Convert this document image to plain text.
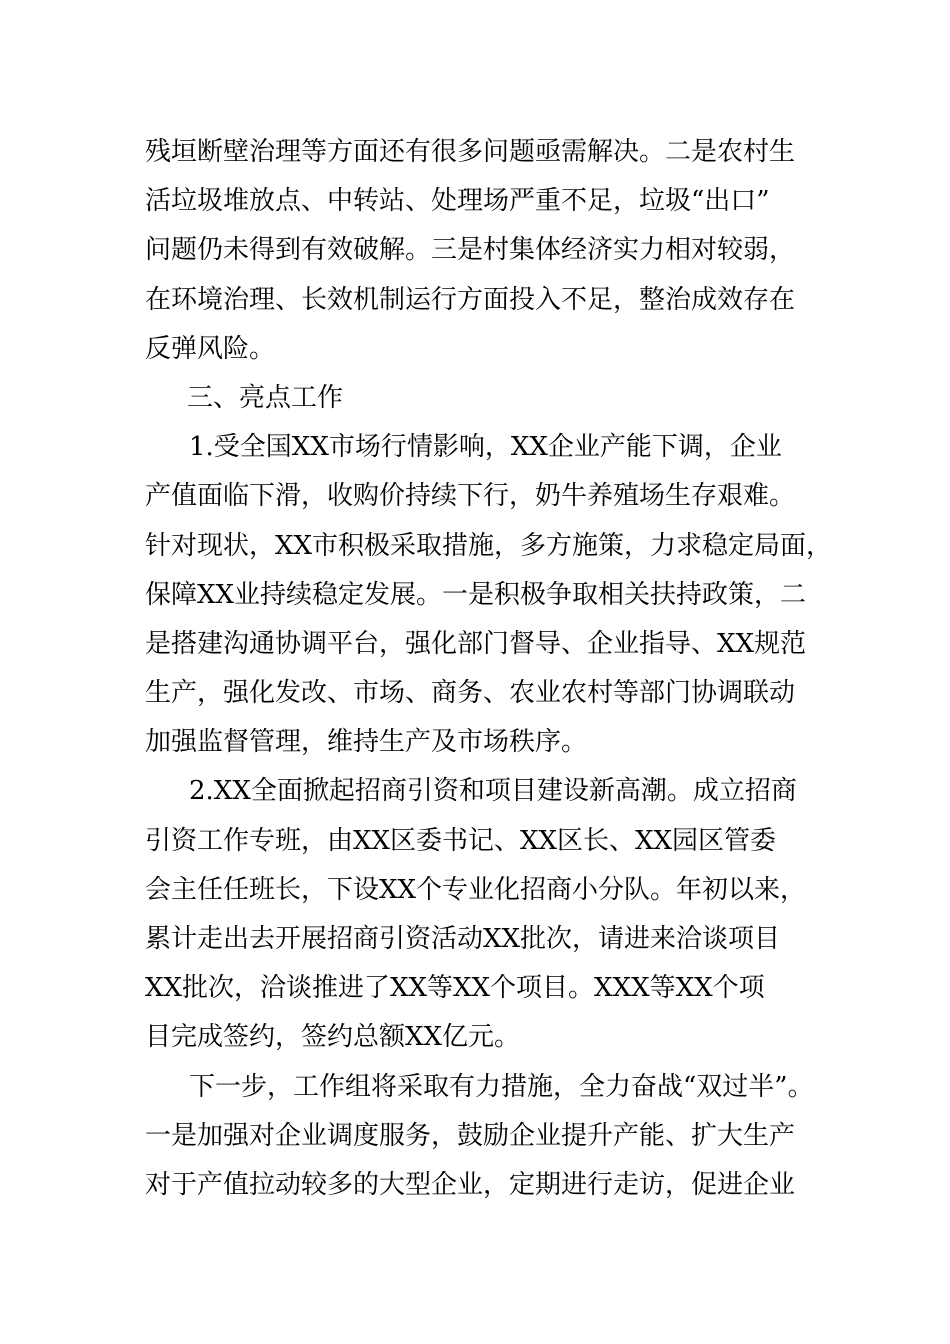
残垣断壁治理等方面还有很多问题亟需解决。二是农村生
活垃圾堆放点、中转站、处理场严重不足，垃圾“出口”
问题仍未得到有效破解。三是村集体经济实力相对较弱，
在环境治理、长效机制运行方面投入不足，整治成效存在
反弹风险。
三、亮点工作
1.受全国XX市场行情影响，XX企业产能下调，企业
产值面临下滑，收购价持续下行，奶牛养殖场生存艰难。
针对现状，XX市积极采取措施，多方施策，力求稳定局面，
保障XX业持续稳定发展。一是积极争取相关扶持政策，二
是搭建沟通协调平台，强化部门督导、企业指导、XX规范
生产，强化发改、市场、商务、农业农村等部门协调联动
加强监督管理，维持生产及市场秩序。
2.XX全面掀起招商引资和项目建设新高潮。成立招商
引资工作专班，由XX区委书记、XX区长、XX园区管委
会主任任班长，下设XX个专业化招商小分队。年初以来，
累计走出去开展招商引资活动XX批次，请进来洽谈项目
XX批次，洽谈推进了XX等XX个项目。XXX等XX个项
目完成签约，签约总额XX亿元。
下一步，工作组将采取有力措施，全力奋战“双过半”。
一是加强对企业调度服务，鼓励企业提升产能、扩大生产
对于产值拉动较多的大型企业，定期进行走访，促进企业
